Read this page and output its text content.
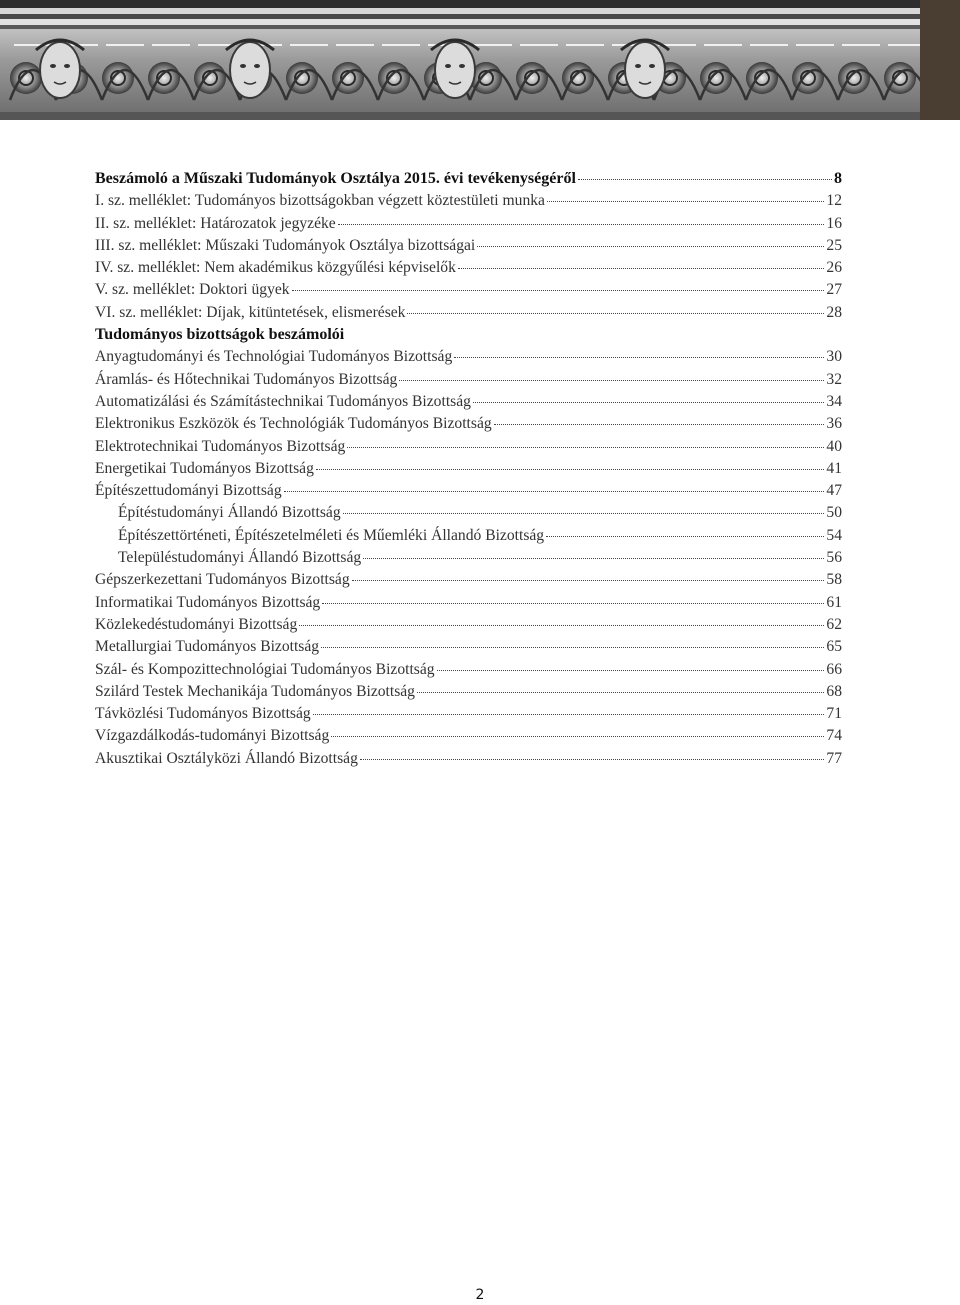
Beszámoló a Műszaki Tudományok Osztálya 2015. évi tevékenységéről	8
I. sz. melléklet: Tudományos bizottságokban végzett köztestületi munka	12
II. sz. melléklet: Határozatok jegyzéke	16
III. sz. melléklet: Műszaki Tudományok Osztálya bizottságai	25
IV. sz. melléklet: Nem akadémikus közgyűlési képviselők	26
V. sz. melléklet: Doktori ügyek	27
VI. sz. melléklet: Díjak, kitüntetések, elismerések	28
Tudományos bizottságok beszámolói
Anyagtudományi és Technológiai Tudományos Bizottság	30
Áramlás- és Hőtechnikai Tudományos Bizottság	32
Automatizálási és Számítástechnikai Tudományos Bizottság	34
Elektronikus Eszközök és Technológiák Tudományos Bizottság	36
Elektrotechnikai Tudományos Bizottság	40
Energetikai Tudományos Bizottság	41
Építészettudományi Bizottság	47
Építéstudományi Állandó Bizottság	50
Építészettörténeti, Építészetelméleti és Műemléki Állandó Bizottság	54
Településtudományi Állandó Bizottság	56
Gépszerkezettani Tudományos Bizottság	58
Informatikai Tudományos Bizottság	61
Közlekedéstudományi Bizottság	62
Metallurgiai Tudományos Bizottság	65
Szál- és Kompozittechnológiai Tudományos Bizottság	66
Szilárd Testek Mechanikája Tudományos Bizottság	68
Távközlési Tudományos Bizottság	71
Vízgazdálkodás-tudományi Bizottság	74
Akusztikai Osztályközi Állandó Bizottság	77
2
